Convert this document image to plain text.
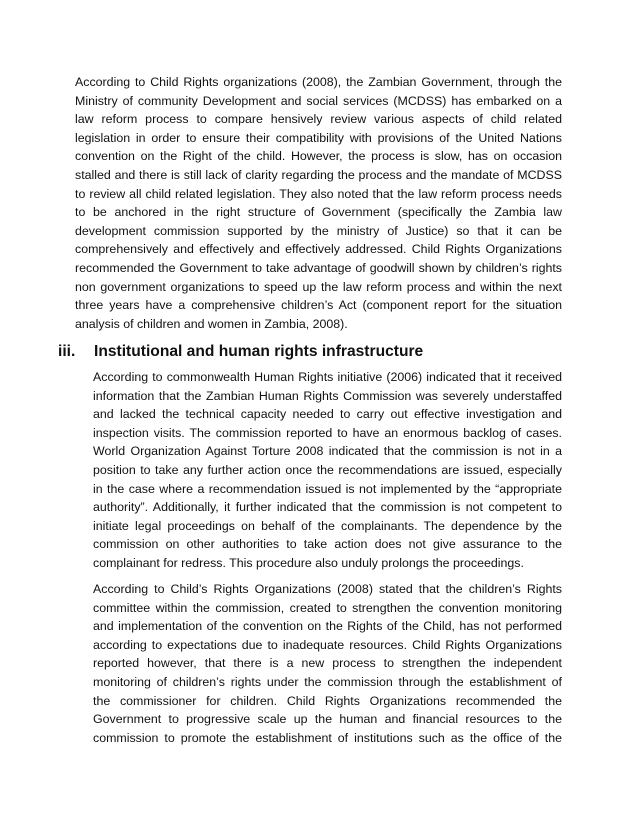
According to Child Rights organizations (2008), the Zambian Government, through the
Ministry of community Development and social services (MCDSS) has embarked on a
law reform process to compare hensively review various aspects of child related
legislation in order to ensure their compatibility with provisions of the United Nations
convention on the Right of the child. However, the process is slow, has on occasion
stalled and there is still lack of clarity regarding the process and the mandate of MCDSS
to review all child related legislation. They also noted that the law reform process needs
to be anchored in the right structure of Government (specifically the Zambia law
development commission supported by the ministry of Justice) so that it can be
comprehensively and effectively and effectively addressed. Child Rights Organizations
recommended the Government to take advantage of goodwill shown by children’s rights
non government organizations to speed up the law reform process and within the next
three years have a comprehensive children’s Act (component report for the situation
analysis of children and women in Zambia, 2008).

iii. Institutional and human rights infrastructure

According to commonwealth Human Rights initiative (2006) indicated that it received
information that the Zambian Human Rights Commission was severely understaffed
and lacked the technical capacity needed to carry out effective investigation and
inspection visits. The commission reported to have an enormous backlog of cases.
World Organization Against Torture 2008 indicated that the commission is not in a
position to take any further action once the recommendations are issued, especially
in the case where a recommendation issued is not implemented by the “appropriate
authority”. Additionally, it further indicated that the commission is not competent to
initiate legal proceedings on behalf of the complainants. The dependence by the
commission on other authorities to take action does not give assurance to the
complainant for redress. This procedure also unduly prolongs the proceedings.

According to Child’s Rights Organizations (2008) stated that the children’s Rights
committee within the commission, created to strengthen the convention monitoring
and implementation of the convention on the Rights of the Child, has not performed
according to expectations due to inadequate resources. Child Rights Organizations
reported however, that there is a new process to strengthen the independent
monitoring of children’s rights under the commission through the establishment of
the commissioner for children. Child Rights Organizations recommended the
Government to progressive scale up the human and financial resources to the
commission to promote the establishment of institutions such as the office of the
